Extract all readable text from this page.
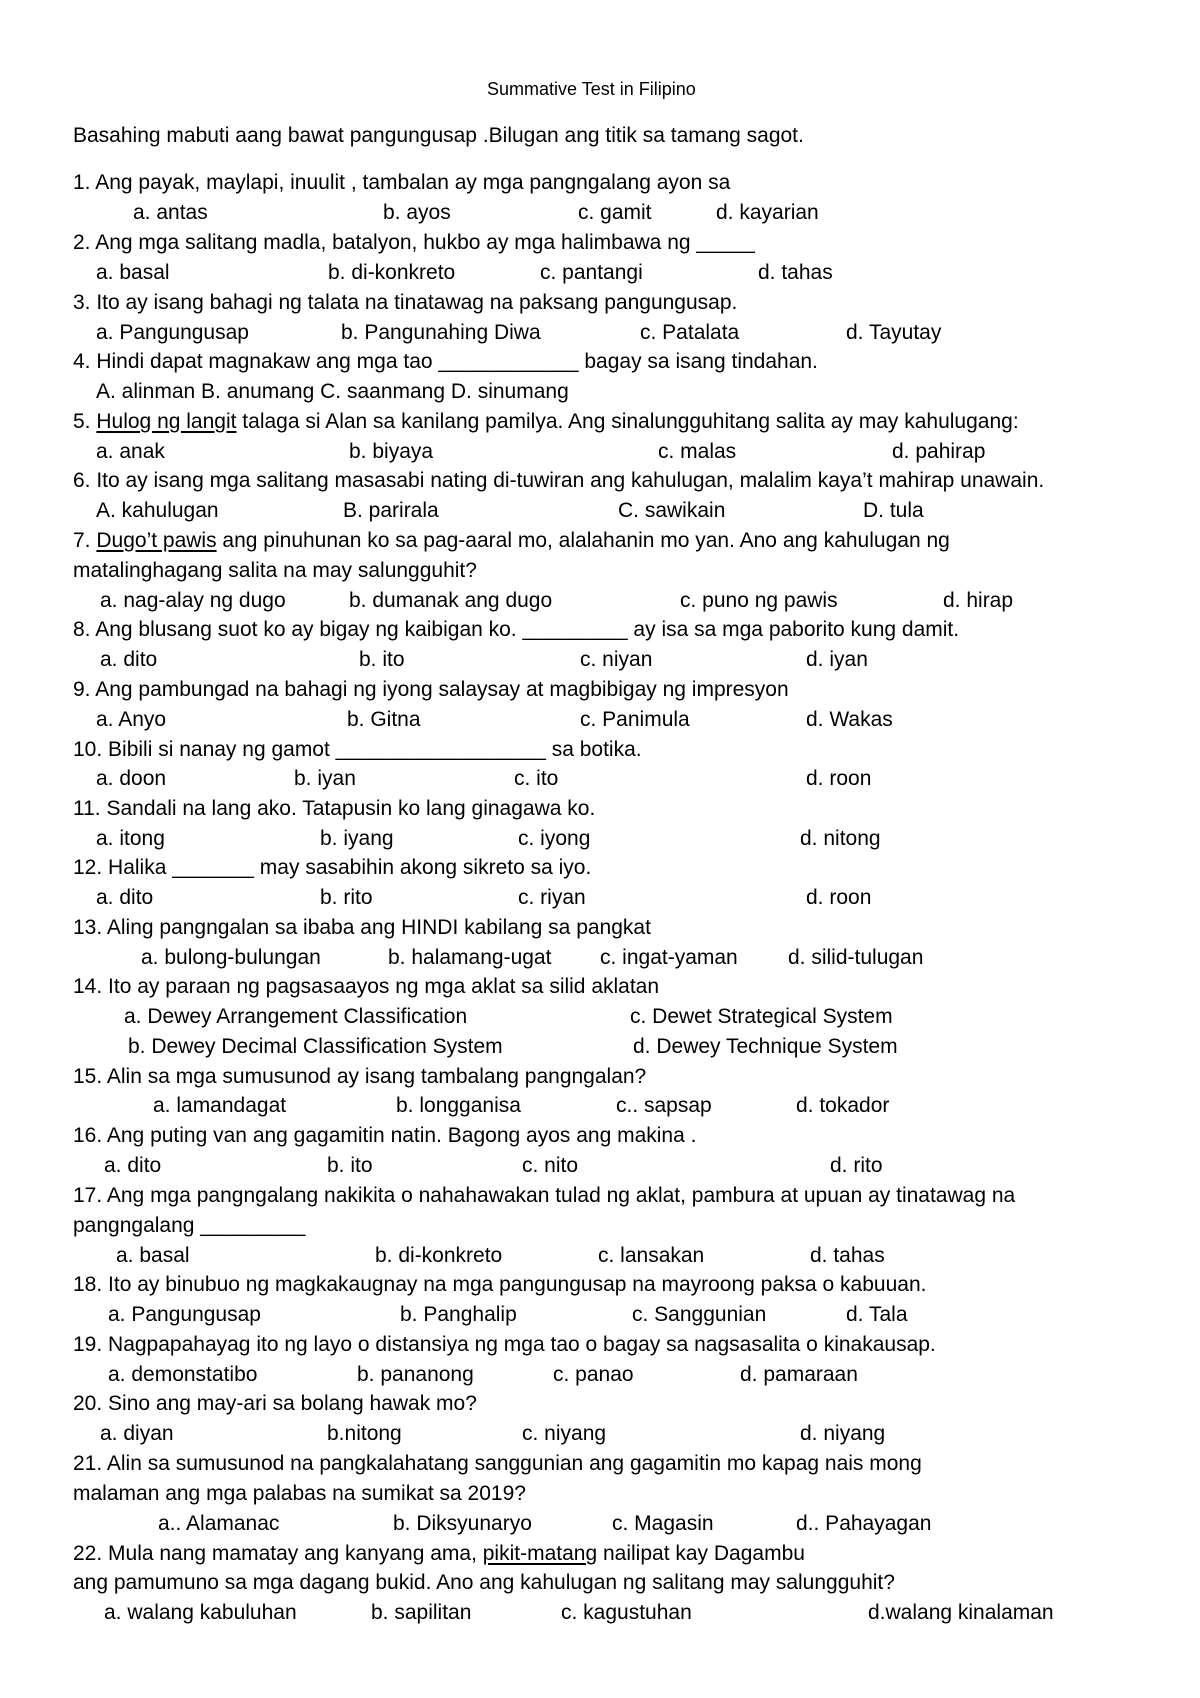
Summative Test in Filipino
Basahing mabuti aang bawat pangungusap .Bilugan ang titik sa tamang sagot.
1. Ang payak, maylapi, inuulit , tambalan ay mga pangngalang ayon sa
a. antas	b. ayos	c. gamit	d. kayarian
2. Ang mga salitang madla, batalyon, hukbo ay mga halimbawa ng _____
a. basal	b. di-konkreto	c. pantangi	d. tahas
3. Ito ay isang bahagi ng talata na tinatawag na paksang pangungusap.
a. Pangungusap	b. Pangunahing Diwa	c. Patalata	d. Tayutay
4. Hindi dapat magnakaw ang mga tao ____________ bagay sa isang tindahan.
A. alinman B. anumang C. saanmang D. sinumang
5. Hulog ng langit talaga si Alan sa kanilang pamilya. Ang sinalungguhitang salita ay may kahulugang:
a. anak	b. biyaya	c. malas	d. pahirap
6. Ito ay isang mga salitang masasabi nating di-tuwiran ang kahulugan, malalim kaya’t mahirap unawain.
A. kahulugan	B. parirala	C. sawikain	D. tula
7. Dugo’t pawis ang pinuhunan ko sa pag-aaral mo, alalahanin mo yan. Ano ang kahulugan ng
matalinghagang salita na may salungguhit?
a. nag-alay ng dugo	b. dumanak ang dugo	c. puno ng pawis	d. hirap
8. Ang blusang suot ko ay bigay ng kaibigan ko. _________ ay isa sa mga paborito kung damit.
a. dito	b. ito	c. niyan	d. iyan
9. Ang pambungad na bahagi ng iyong salaysay at magbibigay ng impresyon
a. Anyo	b. Gitna	c. Panimula	d. Wakas
10. Bibili si nanay ng gamot __________________ sa botika.
a. doon	b. iyan	c. ito	d. roon
11. Sandali na lang ako. Tatapusin ko lang ginagawa ko.
a. itong	b. iyang	c. iyong	d. nitong
12. Halika _______ may sasabihin akong sikreto sa iyo.
a. dito	b. rito	c. riyan	d. roon
13. Aling pangngalan sa ibaba ang HINDI kabilang sa pangkat
a. bulong-bulungan	b. halamang-ugat c. ingat-yaman d. silid-tulugan
14. Ito ay paraan ng pagsasaayos ng mga aklat sa silid aklatan
a. Dewey Arrangement Classification	c. Dewet Strategical System
b. Dewey Decimal Classification System	d. Dewey Technique System
15. Alin sa mga sumusunod ay isang tambalang pangngalan?
a. lamandagat	b. longganisa	c.. sapsap	d. tokador
16. Ang puting van ang gagamitin natin. Bagong ayos ang makina .
a. dito	b. ito	c. nito	d. rito
17. Ang mga pangngalang nakikita o nahahawakan tulad ng aklat, pambura at upuan ay tinatawag na
pangngalang _________
a. basal	b. di-konkreto	c. lansakan	d. tahas
18. Ito ay binubuo ng magkakaugnay na mga pangungusap na mayroong paksa o kabuuan.
a. Pangungusap	b. Panghalip	c. Sanggunian	d. Tala
19. Nagpapahayag ito ng layo o distansiya ng mga tao o bagay sa nagsasalita o kinakausap.
a. demonstatibo	b. pananong	c. panao	d. pamaraan
20. Sino ang may-ari sa bolang hawak mo?
a. diyan	b.nitong	c. niyang	d. niyang
21. Alin sa sumusunod na pangkalahatang sanggunian ang gagamitin mo kapag nais mong
malaman ang mga palabas na sumikat sa 2019?
a.. Alamanac	b. Diksyunaryo	c. Magasin	d.. Pahayagan
22. Mula nang mamatay ang kanyang ama, pikit-matang nailipat kay Dagambu
ang pamumuno sa mga dagang bukid. Ano ang kahulugan ng salitang may salungguhit?
a. walang kabuluhan	b. sapilitan	c. kagustuhan	d.walang kinalaman
